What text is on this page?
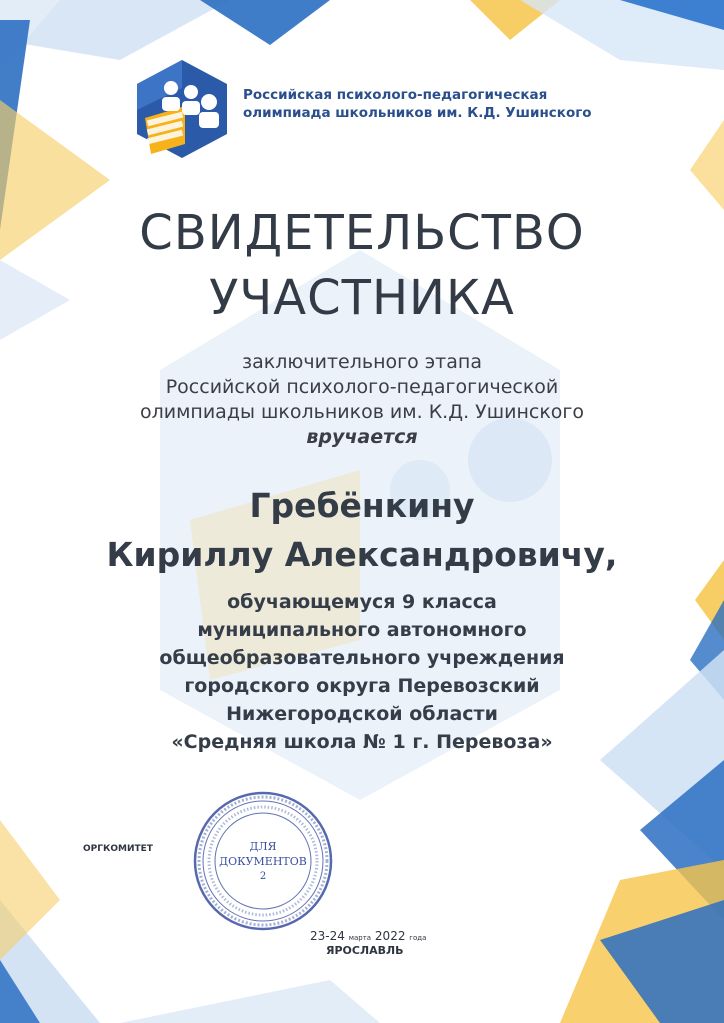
Российская психолого-педагогическая
олимпиада школьников им. К.Д. Ушинского
СВИДЕТЕЛЬСТВО
УЧАСТНИКА
заключительного этапа
Российской психолого-педагогической
олимпиады школьников им. К.Д. Ушинского
вручается
Гребёнкину
Кириллу Александровичу,
обучающемуся 9 класса
муниципального автономного
общеобразовательного учреждения
городского округа Перевозский
Нижегородской области
«Средняя школа № 1 г. Перевоза»
ОРГКОМИТЕТ	ДЛЯ
ДОКУМЕНТОВ
2
23-24 марта 2022 года
ЯРОСЛАВЛЬ
